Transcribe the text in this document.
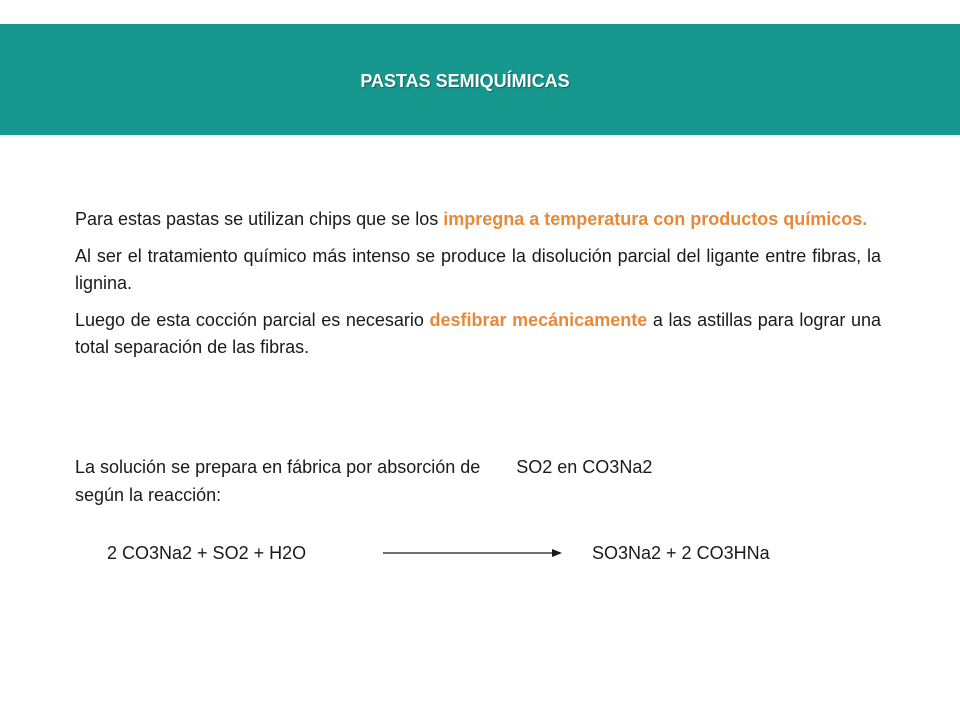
PASTAS SEMIQUÍMICAS

Para estas pastas se utilizan chips que se los impregna a temperatura con productos químicos.

Al ser el tratamiento químico más intenso se produce la disolución parcial del ligante entre fibras, la lignina.

Luego de esta cocción parcial es necesario desfibrar mecánicamente a las astillas para lograr una total separación de las fibras.

La solución se prepara en fábrica por absorción de SO2 en CO3Na2
según la reacción:
2 CO3Na2 + SO2 + H2O	SO3Na2 + 2 CO3HNa
